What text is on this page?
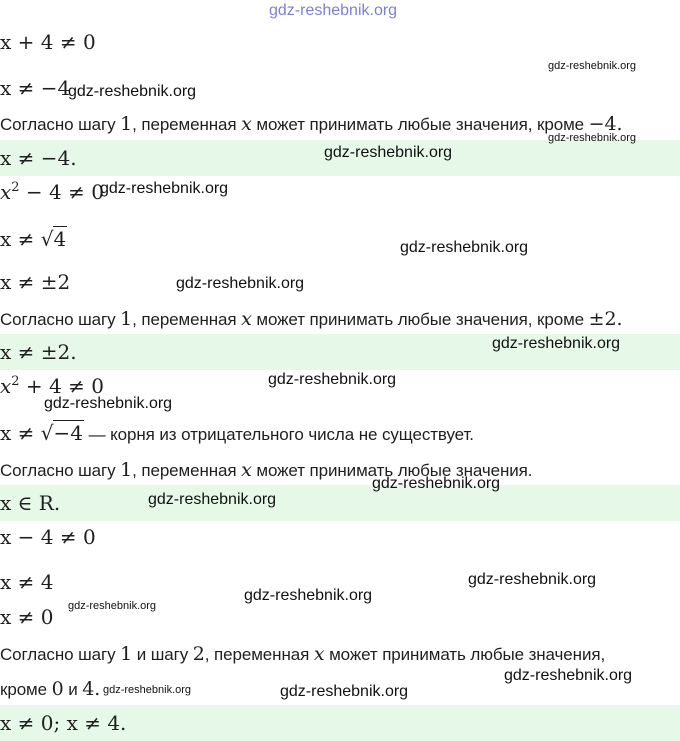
gdz-reshebnik.org
x + 4 ≠ 0
x ≠ −4
Согласно шагу 1, переменная x может принимать любые значения, кроме −4.
x ≠ −4.
$x^2 - 4 \ne 0$
x ≠ √4
x ≠ ±2
Согласно шагу 1, переменная x может принимать любые значения, кроме ±2.
x ≠ ±2.
$x^2 + 4 \ne 0$
x ≠ √−4 — корня из отрицательного числа не существует.
Согласно шагу 1, переменная x может принимать любые значения.
x ∈ R.
x − 4 ≠ 0
x ≠ 4
x ≠ 0
Согласно шагу 1 и шагу 2, переменная x может принимать любые значения,
кроме 0 и 4.
x ≠ 0; x ≠ 4.
gdz-reshebnik.org
gdz-reshebnik.org
gdz-reshebnik.org
gdz-reshebnik.org
gdz-reshebnik.org
gdz-reshebnik.org
gdz-reshebnik.org
gdz-reshebnik.org
gdz-reshebnik.org
gdz-reshebnik.org
gdz-reshebnik.org
gdz-reshebnik.org
gdz-reshebnik.org
gdz-reshebnik.org
gdz-reshebnik.org
gdz-reshebnik.org
gdz-reshebnik.org	gdz-reshebnik.org
